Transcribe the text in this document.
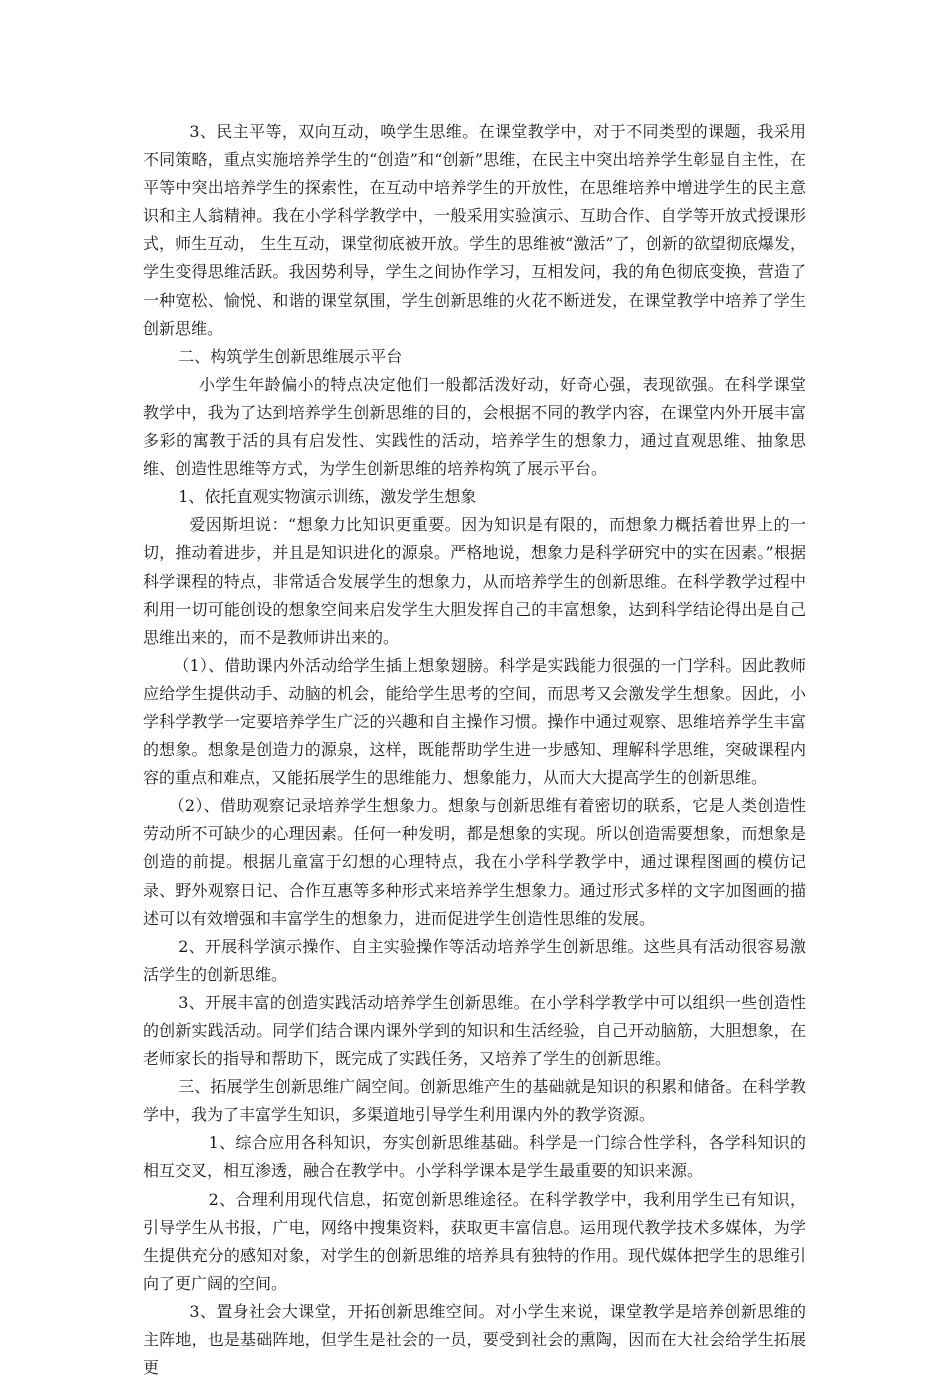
3、民主平等，双向互动，唤学生思维。在课堂教学中，对于不同类型的课题，我采用不同策略，重点实施培养学生的“创造”和“创新”思维，在民主中突出培养学生彰显自主性，在平等中突出培养学生的探索性，在互动中培养学生的开放性，在思维培养中增进学生的民主意识和主人翁精神。我在小学科学教学中，一般采用实验演示、互助合作、自学等开放式授课形式，师生互动， 生生互动，课堂彻底被开放。学生的思维被“激活”了，创新的欲望彻底爆发，学生变得思维活跃。我因势利导，学生之间协作学习，互相发问，我的角色彻底变换，营造了一种宽松、愉悦、和谐的课堂氛围，学生创新思维的火花不断迸发，在课堂教学中培养了学生创新思维。

二、构筑学生创新思维展示平台

小学生年龄偏小的特点决定他们一般都活泼好动，好奇心强，表现欲强。在科学课堂教学中，我为了达到培养学生创新思维的目的，会根据不同的教学内容，在课堂内外开展丰富多彩的寓教于活的具有启发性、实践性的活动，培养学生的想象力，通过直观思维、抽象思维、创造性思维等方式，为学生创新思维的培养构筑了展示平台。

1、依托直观实物演示训练，激发学生想象

爱因斯坦说：“想象力比知识更重要。因为知识是有限的，而想象力概括着世界上的一切，推动着进步，并且是知识进化的源泉。严格地说，想象力是科学研究中的实在因素。”根据科学课程的特点，非常适合发展学生的想象力，从而培养学生的创新思维。在科学教学过程中利用一切可能创设的想象空间来启发学生大胆发挥自己的丰富想象，达到科学结论得出是自己思维出来的，而不是教师讲出来的。

（1）、借助课内外活动给学生插上想象翅膀。科学是实践能力很强的一门学科。因此教师应给学生提供动手、动脑的机会，能给学生思考的空间，而思考又会激发学生想象。因此，小学科学教学一定要培养学生广泛的兴趣和自主操作习惯。操作中通过观察、思维培养学生丰富的想象。想象是创造力的源泉，这样，既能帮助学生进一步感知、理解科学思维，突破课程内容的重点和难点，又能拓展学生的思维能力、想象能力，从而大大提高学生的创新思维。

（2）、借助观察记录培养学生想象力。想象与创新思维有着密切的联系，它是人类创造性劳动所不可缺少的心理因素。任何一种发明，都是想象的实现。所以创造需要想象，而想象是创造的前提。根据儿童富于幻想的心理特点，我在小学科学教学中，通过课程图画的模仿记录、野外观察日记、合作互惠等多种形式来培养学生想象力。通过形式多样的文字加图画的描述可以有效增强和丰富学生的想象力，进而促进学生创造性思维的发展。

2、开展科学演示操作、自主实验操作等活动培养学生创新思维。这些具有活动很容易激活学生的创新思维。

3、开展丰富的创造实践活动培养学生创新思维。在小学科学教学中可以组织一些创造性的创新实践活动。同学们结合课内课外学到的知识和生活经验，自己开动脑筋，大胆想象，在老师家长的指导和帮助下，既完成了实践任务，又培养了学生的创新思维。

三、拓展学生创新思维广阔空间。创新思维产生的基础就是知识的积累和储备。在科学教学中，我为了丰富学生知识，多渠道地引导学生利用课内外的教学资源。

1、综合应用各科知识，夯实创新思维基础。科学是一门综合性学科，各学科知识的相互交叉，相互渗透，融合在教学中。小学科学课本是学生最重要的知识来源。

2、合理利用现代信息，拓宽创新思维途径。在科学教学中，我利用学生已有知识，引导学生从书报，广电，网络中搜集资料，获取更丰富信息。运用现代教学技术多媒体，为学生提供充分的感知对象，对学生的创新思维的培养具有独特的作用。现代媒体把学生的思维引向了更广阔的空间。

3、置身社会大课堂，开拓创新思维空间。对小学生来说，课堂教学是培养创新思维的主阵地，也是基础阵地，但学生是社会的一员，要受到社会的熏陶，因而在大社会给学生拓展更
